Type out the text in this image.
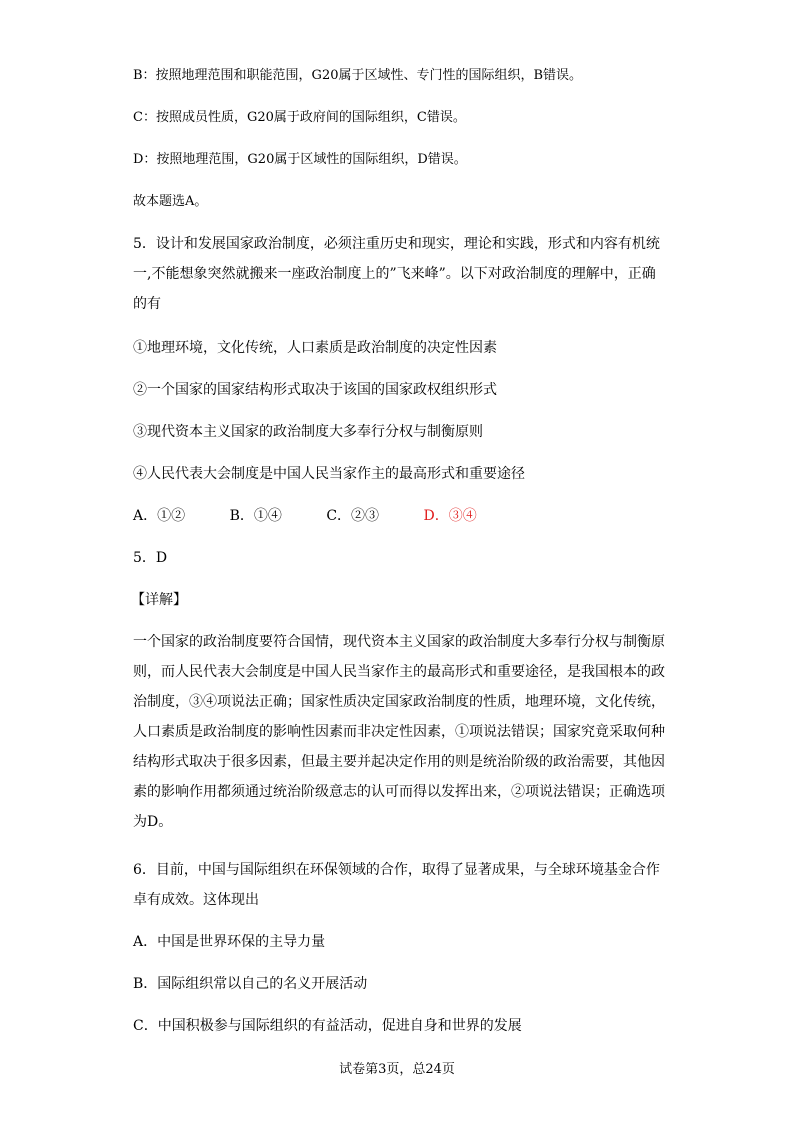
B：按照地理范围和职能范围，G20属于区域性、专门性的国际组织，B错误。
C：按照成员性质，G20属于政府间的国际组织，C错误。
D：按照地理范围，G20属于区域性的国际组织，D错误。
故本题选A。
5．设计和发展国家政治制度，必须注重历史和现实，理论和实践，形式和内容有机统
一,不能想象突然就搬来一座政治制度上的”飞来峰”。以下对政治制度的理解中，正确
的有
①地理环境，文化传统，人口素质是政治制度的决定性因素
②一个国家的国家结构形式取决于该国的国家政权组织形式
③现代资本主义国家的政治制度大多奉行分权与制衡原则
④人民代表大会制度是中国人民当家作主的最高形式和重要途径
A．①②	B．①④	C．②③	D．③④
5．D
【详解】
一个国家的政治制度要符合国情，现代资本主义国家的政治制度大多奉行分权与制衡原
则，而人民代表大会制度是中国人民当家作主的最高形式和重要途径，是我国根本的政
治制度，③④项说法正确；国家性质决定国家政治制度的性质，地理环境，文化传统，
人口素质是政治制度的影响性因素而非决定性因素，①项说法错误；国家究竟采取何种
结构形式取决于很多因素，但最主要并起决定作用的则是统治阶级的政治需要，其他因
素的影响作用都须通过统治阶级意志的认可而得以发挥出来，②项说法错误；正确选项
为D。
6．目前，中国与国际组织在环保领域的合作，取得了显著成果，与全球环境基金合作
卓有成效。这体现出
A．中国是世界环保的主导力量
B．国际组织常以自己的名义开展活动
C．中国积极参与国际组织的有益活动，促进自身和世界的发展
试卷第3页，总24页
